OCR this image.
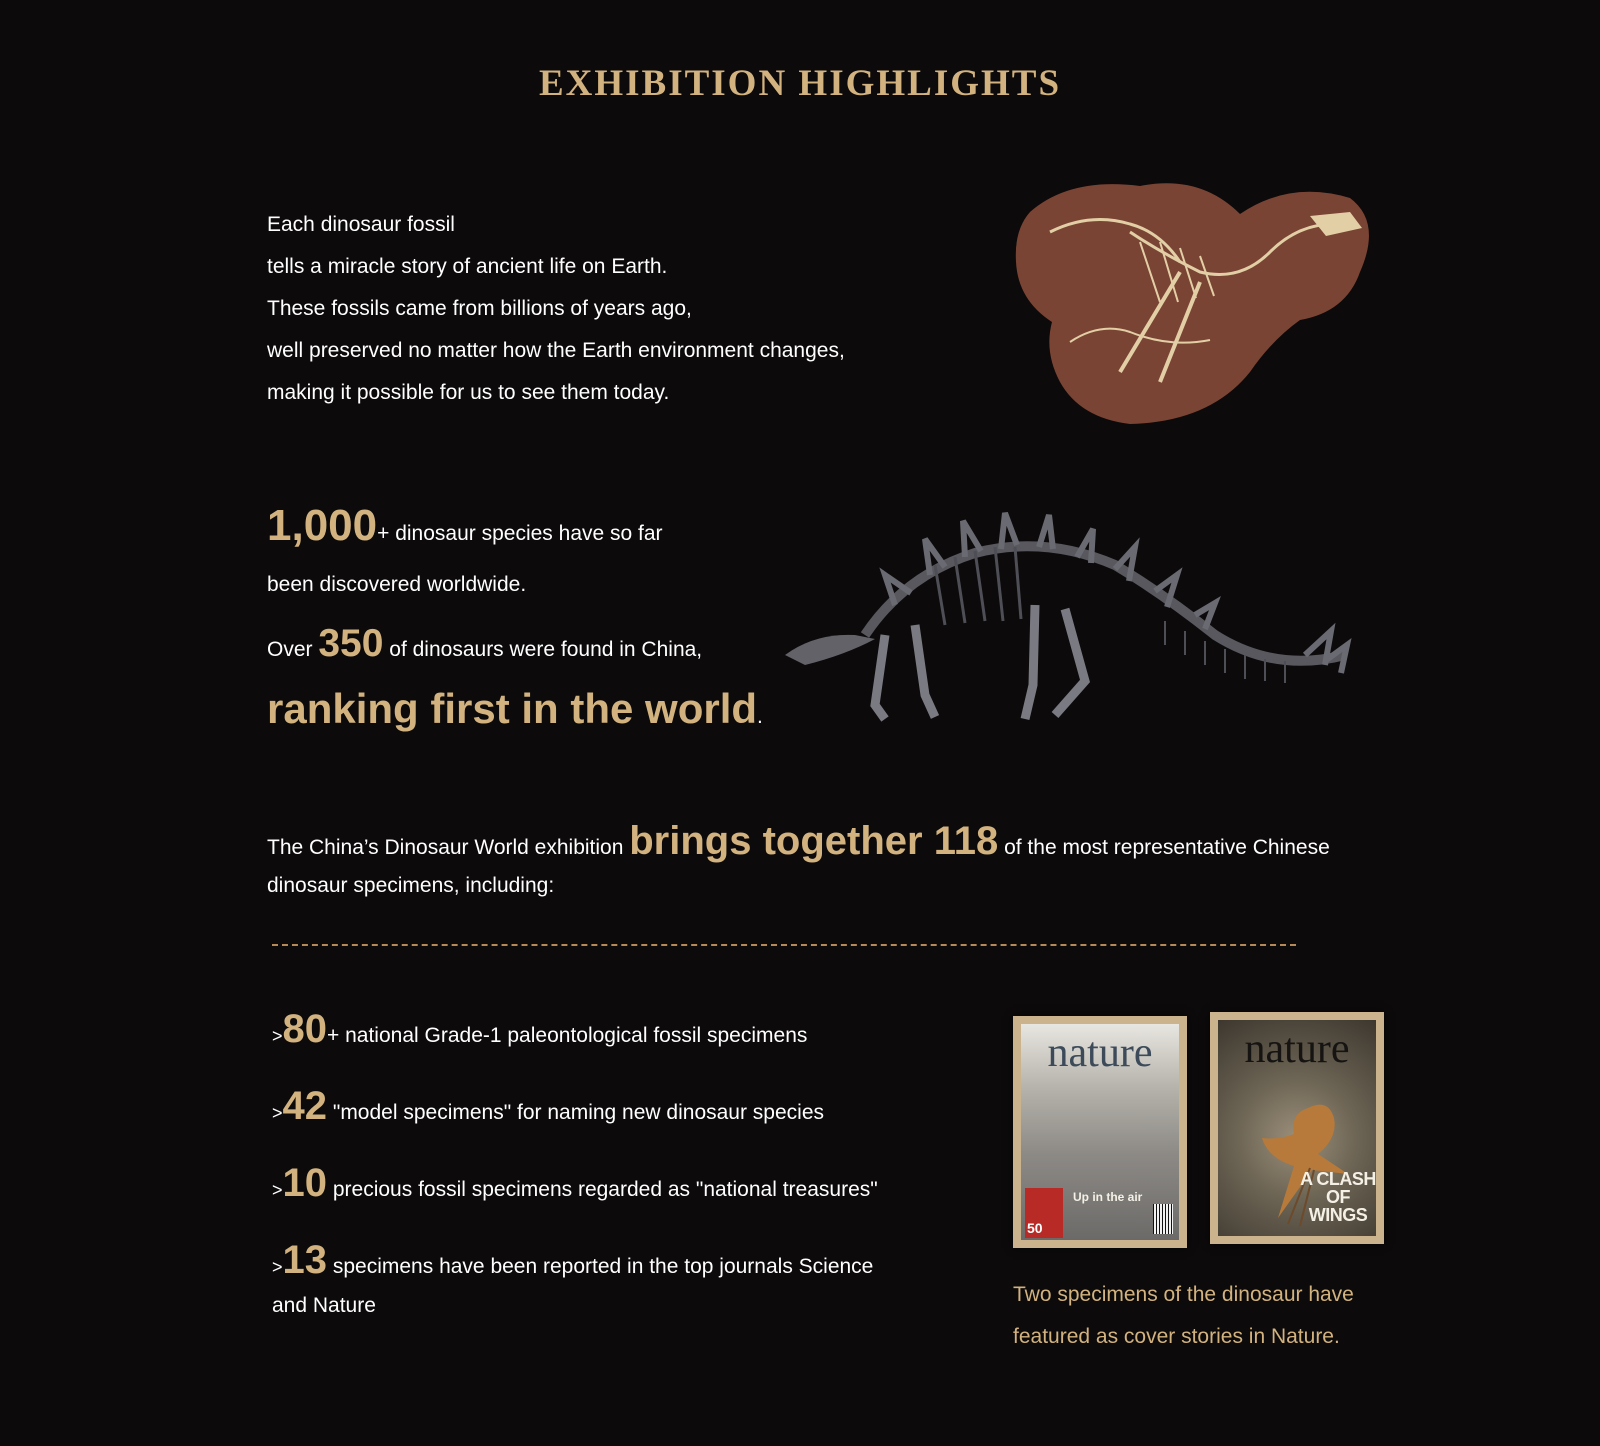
EXHIBITION HIGHLIGHTS

Each dinosaur fossil

tells a miracle story of ancient life on Earth.

These fossils came from billions of years ago,

well preserved no matter how the Earth environment changes,

making it possible for us to see them today.

1,000+ dinosaur species have so far
been discovered worldwide.
Over 350 of dinosaurs were found in China,
ranking first in the world.
The China’s Dinosaur World exhibition brings together 118 of the most representative Chinese dinosaur specimens, including:
>80+ national Grade-1 paleontological fossil specimens
>42 "model specimens" for naming new dinosaur species
>10 precious fossil specimens regarded as "national treasures"
>13 specimens have been reported in the top journals Science
and Nature
nature
50
Up in the air
nature
A CLASH OF WINGS

Two specimens of the dinosaur have

featured as cover stories in Nature.
